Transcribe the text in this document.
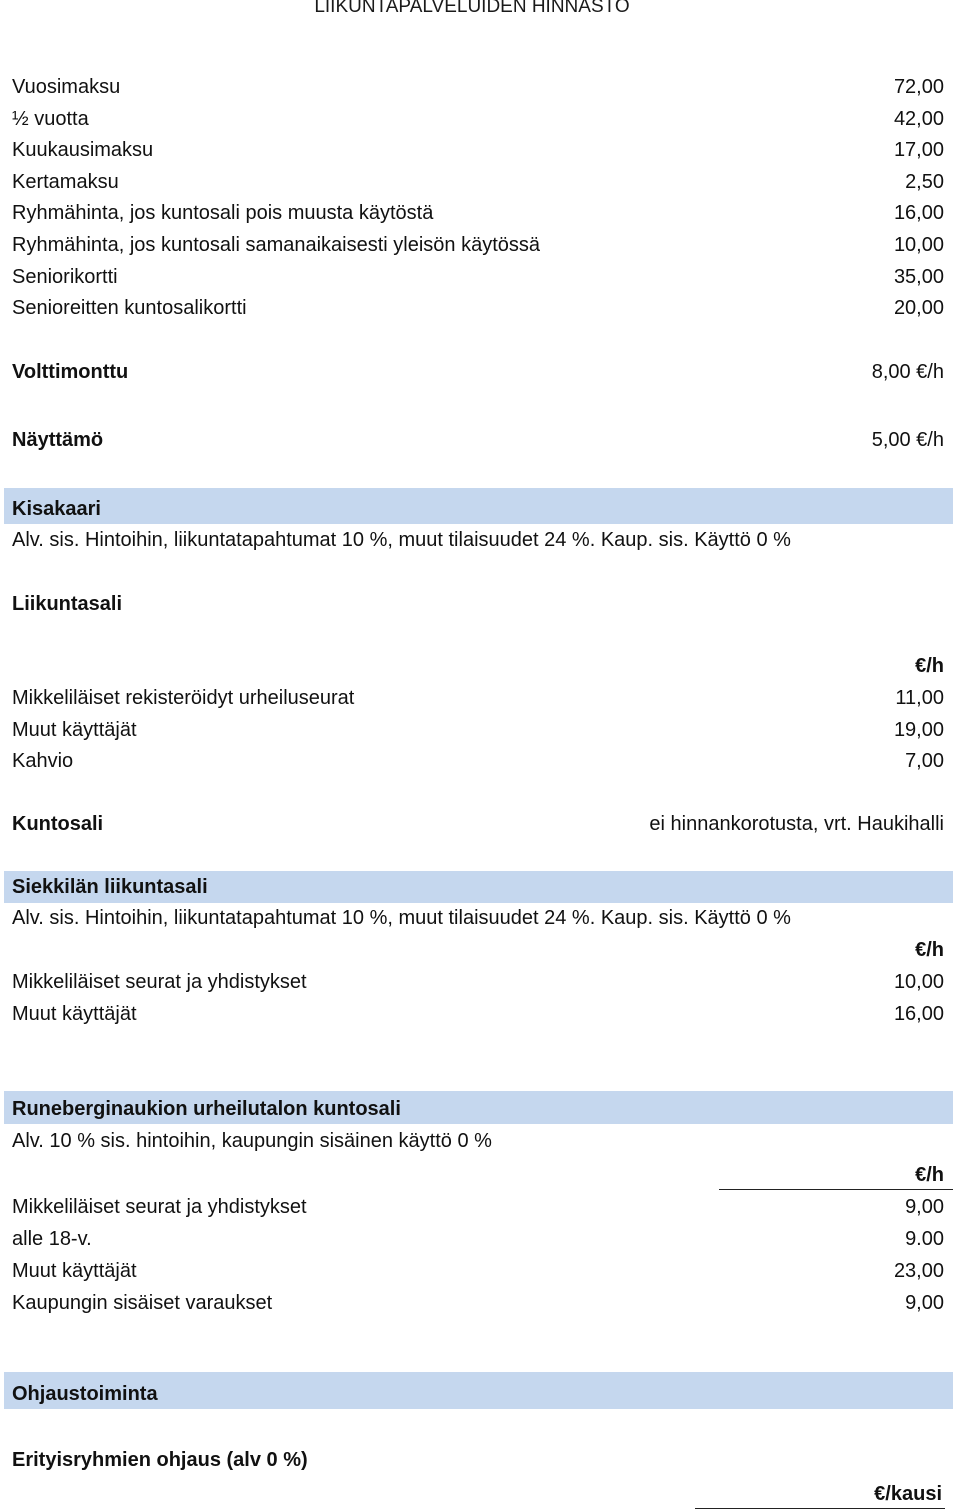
LIIKUNTAPALVELUIDEN HINNASTO
Vuosimaksu	72,00
½ vuotta	42,00
Kuukausimaksu	17,00
Kertamaksu	2,50
Ryhmähinta, jos kuntosali pois muusta käytöstä	16,00
Ryhmähinta, jos kuntosali samanaikaisesti yleisön käytössä	10,00
Seniorikortti	35,00
Senioreitten kuntosalikortti	20,00
Volttimonttu	8,00 €/h
Näyttämö	5,00 €/h
Kisakaari
Alv. sis. Hintoihin, liikuntatapahtumat 10 %, muut tilaisuudet 24 %. Kaup. sis. Käyttö 0 %
Liikuntasali
€/h
Mikkeliläiset rekisteröidyt urheiluseurat	11,00
Muut käyttäjät	19,00
Kahvio	7,00
Kuntosali	ei hinnankorotusta, vrt. Haukihalli
Siekkilän liikuntasali
Alv. sis. Hintoihin, liikuntatapahtumat 10 %, muut tilaisuudet 24 %. Kaup. sis. Käyttö 0 %
€/h
Mikkeliläiset seurat ja yhdistykset	10,00
Muut käyttäjät	16,00
Runeberginaukion urheilutalon kuntosali
Alv. 10 % sis. hintoihin, kaupungin sisäinen käyttö 0 %
€/h
Mikkeliläiset seurat ja yhdistykset	9,00
alle 18-v.	9.00
Muut käyttäjät	23,00
Kaupungin sisäiset varaukset	9,00
Ohjaustoiminta
Erityisryhmien ohjaus (alv 0 %)
€/kausi
